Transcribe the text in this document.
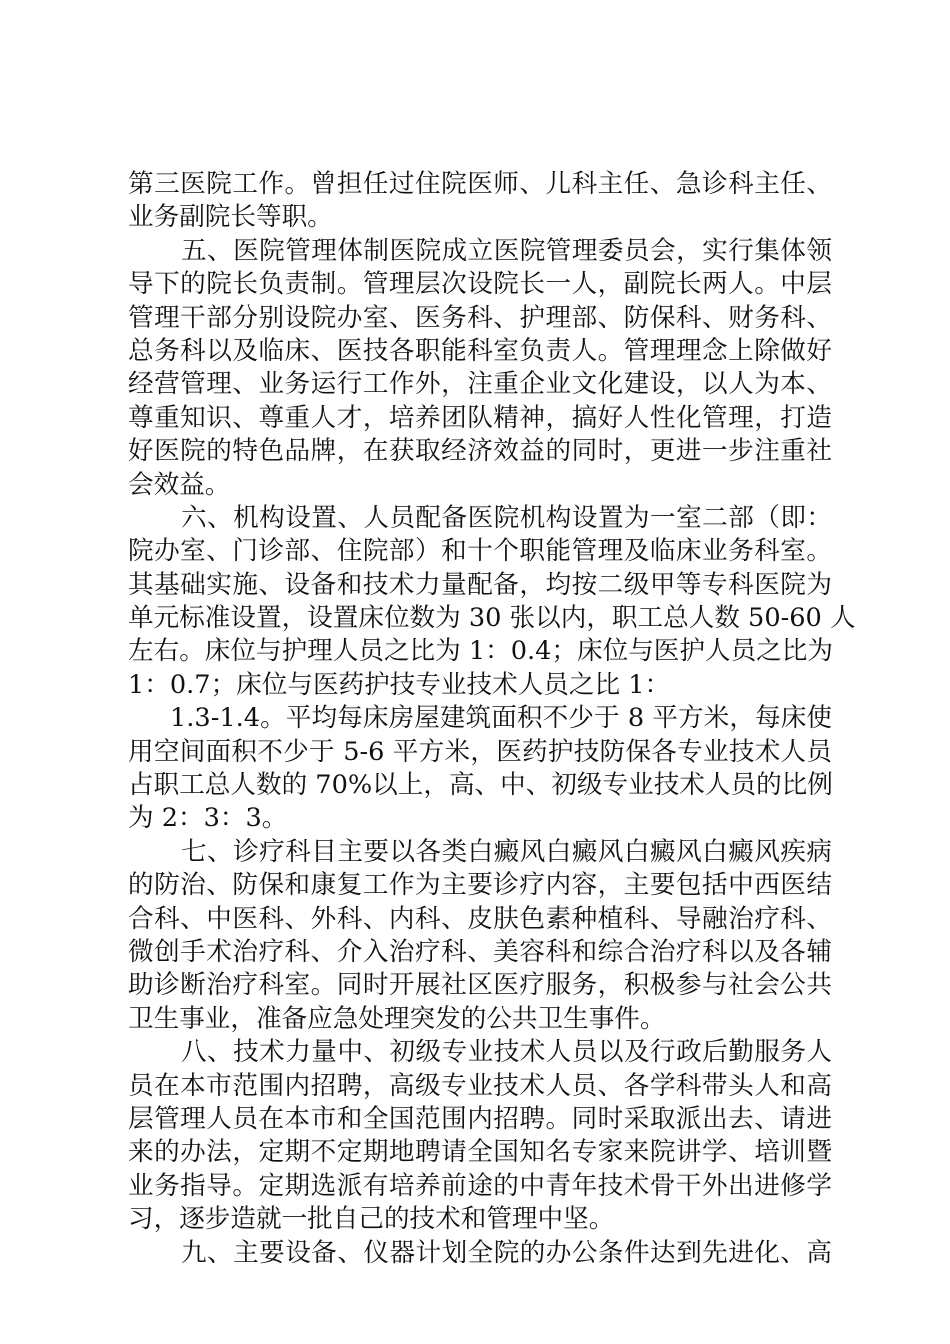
第三医院工作。曾担任过住院医师、儿科主任、急诊科主任、
业务副院长等职。
五、医院管理体制医院成立医院管理委员会，实行集体领
导下的院长负责制。管理层次设院长一人，副院长两人。中层
管理干部分别设院办室、医务科、护理部、防保科、财务科、
总务科以及临床、医技各职能科室负责人。管理理念上除做好
经营管理、业务运行工作外，注重企业文化建设，以人为本、
尊重知识、尊重人才，培养团队精神，搞好人性化管理，打造
好医院的特色品牌，在获取经济效益的同时，更进一步注重社
会效益。
六、机构设置、人员配备医院机构设置为一室二部（即：
院办室、门诊部、住院部）和十个职能管理及临床业务科室。
其基础实施、设备和技术力量配备，均按二级甲等专科医院为
单元标准设置，设置床位数为 30 张以内，职工总人数 50-60 人
左右。床位与护理人员之比为 1：0.4；床位与医护人员之比为
1：0.7；床位与医药护技专业技术人员之比 1：
1.3-1.4。平均每床房屋建筑面积不少于 8 平方米，每床使
用空间面积不少于 5-6 平方米，医药护技防保各专业技术人员
占职工总人数的 70%以上，高、中、初级专业技术人员的比例
为 2：3：3。
七、诊疗科目主要以各类白癜风白癜风白癜风白癜风疾病
的防治、防保和康复工作为主要诊疗内容，主要包括中西医结
合科、中医科、外科、内科、皮肤色素种植科、导融治疗科、
微创手术治疗科、介入治疗科、美容科和综合治疗科以及各辅
助诊断治疗科室。同时开展社区医疗服务，积极参与社会公共
卫生事业，准备应急处理突发的公共卫生事件。
八、技术力量中、初级专业技术人员以及行政后勤服务人
员在本市范围内招聘，高级专业技术人员、各学科带头人和高
层管理人员在本市和全国范围内招聘。同时采取派出去、请进
来的办法，定期不定期地聘请全国知名专家来院讲学、培训暨
业务指导。定期选派有培养前途的中青年技术骨干外出进修学
习，逐步造就一批自己的技术和管理中坚。
九、主要设备、仪器计划全院的办公条件达到先进化、高
